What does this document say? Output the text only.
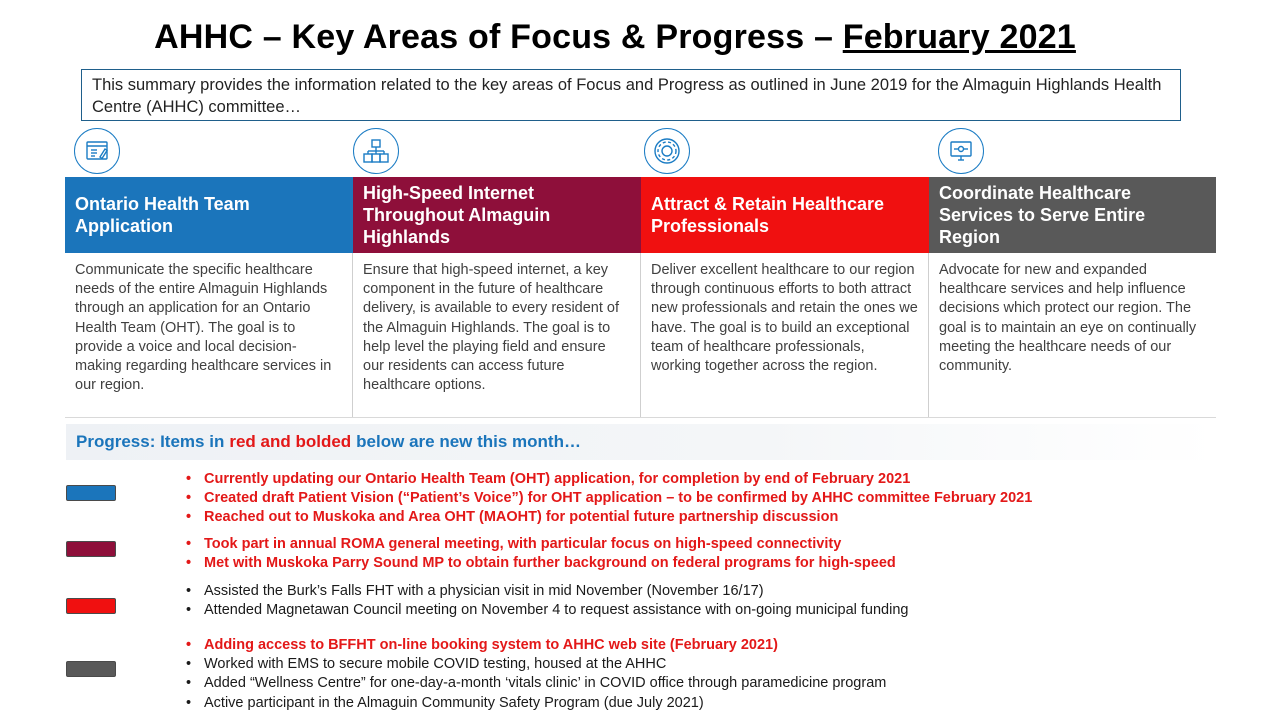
AHHC – Key Areas of Focus & Progress – February 2021
This summary provides the information related to the key areas of Focus and Progress as outlined in June 2019 for the Almaguin Highlands Health Centre (AHHC) committee…
Ontario Health Team Application
High-Speed Internet Throughout Almaguin Highlands
Attract & Retain Healthcare Professionals
Coordinate Healthcare Services to Serve Entire Region
Communicate the specific healthcare needs of the entire Almaguin Highlands through an application for an Ontario Health Team (OHT). The goal is to provide a voice and local decision-making regarding healthcare services in our region.
Ensure that high-speed internet, a key component in the future of healthcare delivery, is available to every resident of the Almaguin Highlands. The goal is to help level the playing field and ensure our residents can access future healthcare options.
Deliver excellent healthcare to our region through continuous efforts to both attract new professionals and retain the ones we have. The goal is to build an exceptional team of healthcare professionals, working together across the region.
Advocate for new and expanded healthcare services and help influence decisions which protect our region. The goal is to maintain an eye on continually meeting the healthcare needs of our community.
Progress: Items in red and bolded below are new this month…
• Currently updating our Ontario Health Team (OHT) application, for completion by end of February 2021
• Created draft Patient Vision (“Patient’s Voice”) for OHT application – to be confirmed by AHHC committee February 2021
• Reached out to Muskoka and Area OHT (MAOHT) for potential future partnership discussion
• Took part in annual ROMA general meeting, with particular focus on high-speed connectivity
• Met with Muskoka Parry Sound MP to obtain further background on federal programs for high-speed
• Assisted the Burk’s Falls FHT with a physician visit in mid November (November 16/17)
• Attended Magnetawan Council meeting on November 4 to request assistance with on-going municipal funding
• Adding access to BFFHT on-line booking system to AHHC web site (February 2021)
• Worked with EMS to secure mobile COVID testing, housed at the AHHC
• Added “Wellness Centre” for one-day-a-month ‘vitals clinic’ in COVID office through paramedicine program
• Active participant in the Almaguin Community Safety Program (due July 2021)
